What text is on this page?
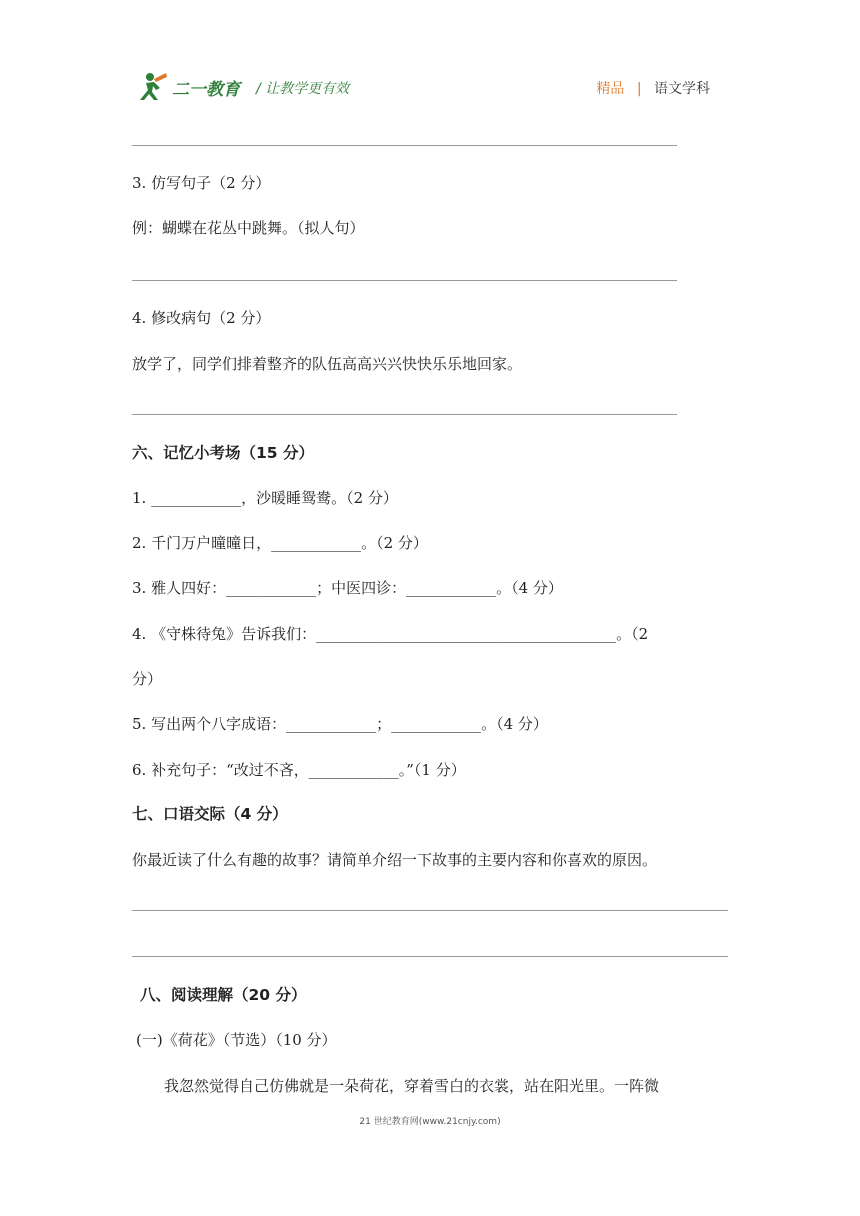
二一教育 / 让教学更有效	精品 | 语文学科
3. 仿写句子（2 分）
例：蝴蝶在花丛中跳舞。（拟人句）
4. 修改病句（2 分）
放学了，同学们排着整齐的队伍高高兴兴快快乐乐地回家。
六、记忆小考场（15 分）
1. ____________，沙暖睡鸳鸯。（2 分）
2. 千门万户曈曈日，____________。（2 分）
3. 雅人四好：____________；中医四诊：____________。（4 分）
4. 《守株待兔》告诉我们：________________________________________。（2
分）
5. 写出两个八字成语：____________；____________。（4 分）
6. 补充句子：“改过不吝，____________。”（1 分）
七、口语交际（4 分）
你最近读了什么有趣的故事？请简单介绍一下故事的主要内容和你喜欢的原因。
八、阅读理解（20 分）
(一)《荷花》（节选）（10 分）
我忽然觉得自己仿佛就是一朵荷花，穿着雪白的衣裳，站在阳光里。一阵微
21 世纪教育网(www.21cnjy.com)
